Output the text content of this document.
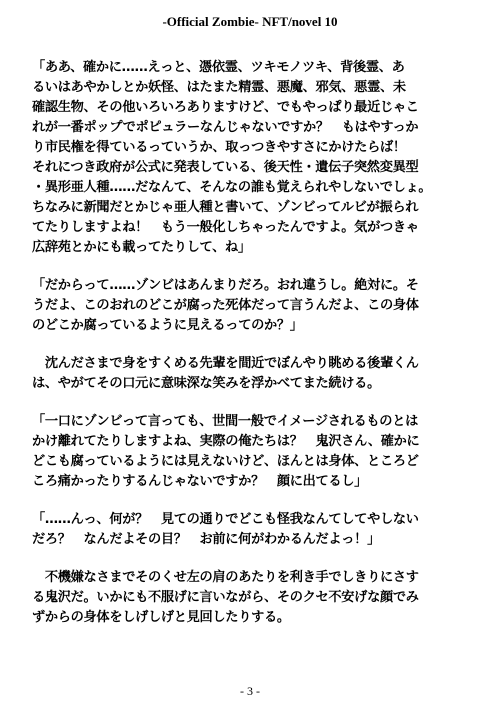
-Official Zombie- NFT/novel 10
「ああ、確かに……えっと、憑依霊、ツキモノツキ、背後霊、あ
るいはあやかしとか妖怪、はたまた精霊、悪魔、邪気、悪霊、未
確認生物、その他いろいろありますけど、でもやっぱり最近じゃこ
れが一番ポップでポピュラーなんじゃないですか？　もはやすっか
り市民権を得ているっていうか、取っつきやすさにかけたらば！
それにつき政府が公式に発表している、後天性・遺伝子突然変異型
・異形亜人種……だなんて、そんなの誰も覚えられやしないでしょ。
ちなみに新聞だとかじゃ亜人種と書いて、ゾンビってルビが振られ
てたりしますよね！　もう一般化しちゃったんですよ。気がつきゃ
広辞苑とかにも載ってたりして、ね」
「だからって……ゾンビはあんまりだろ。おれ違うし。絶対に。そ
うだよ、このおれのどこが腐った死体だって言うんだよ、この身体
のどこか腐っているように見えるってのか？」
　沈んださまで身をすくめる先輩を間近でぼんやり眺める後輩くん
は、やがてその口元に意味深な笑みを浮かべてまた続ける。
「一口にゾンビって言っても、世間一般でイメージされるものとは
かけ離れてたりしますよね、実際の俺たちは？　鬼沢さん、確かに
どこも腐っているようには見えないけど、ほんとは身体、ところど
ころ痛かったりするんじゃないですか？　顔に出てるし」
「……んっ、何が？　見ての通りでどこも怪我なんてしてやしない
だろ？　なんだよその目？　お前に何がわかるんだよっ！」
　不機嫌なさまでそのくせ左の肩のあたりを利き手でしきりにさす
る鬼沢だ。いかにも不服げに言いながら、そのクセ不安げな顔でみ
ずからの身体をしげしげと見回したりする。
- 3 -
